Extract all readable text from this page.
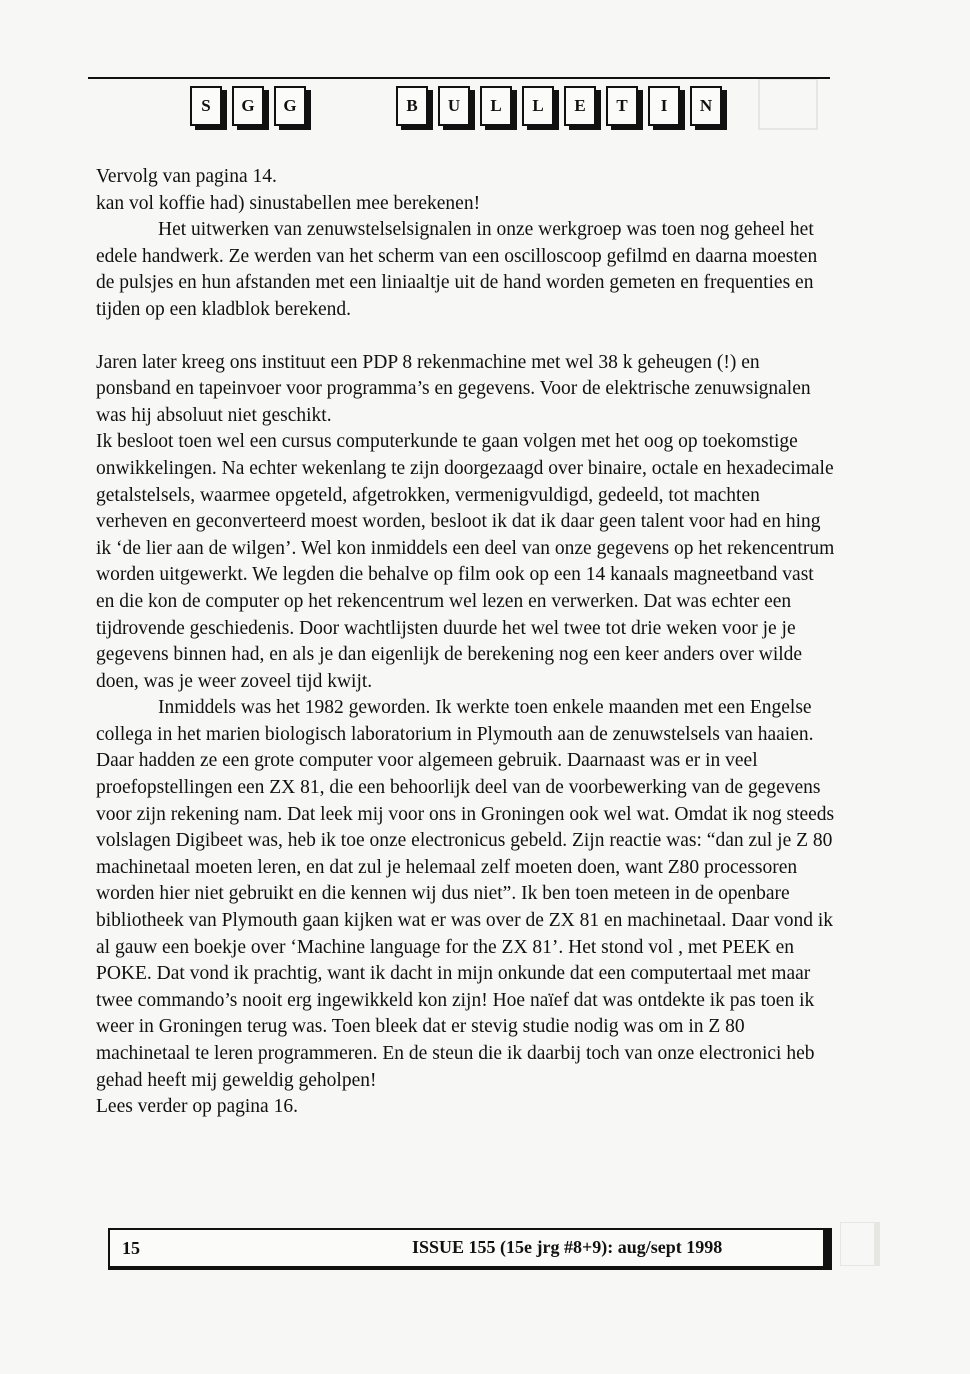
S	G	G	B	U	L	L	E	T	I	N

Vervolg van pagina 14.

kan vol koffie had) sinustabellen mee berekenen!

Het uitwerken van zenuwstelselsignalen in onze werkgroep was toen nog geheel het edele handwerk. Ze werden van het scherm van een oscilloscoop gefilmd en daarna moesten de pulsjes en hun afstanden met een liniaaltje uit de hand worden gemeten en frequenties en tijden op een kladblok berekend.

Jaren later kreeg ons instituut een PDP 8 rekenmachine met wel 38 k geheugen (!) en ponsband en tapeinvoer voor programma’s en gegevens. Voor de elektrische zenuwsignalen was hij absoluut niet geschikt.

Ik besloot toen wel een cursus computerkunde te gaan volgen met het oog op toekomstige onwikkelingen. Na echter wekenlang te zijn doorgezaagd over binaire, octale en hexadecimale getalstelsels, waarmee opgeteld, afgetrokken, vermenigvuldigd, gedeeld, tot machten verheven en geconverteerd moest worden, besloot ik dat ik daar geen talent voor had en hing ik ‘de lier aan de wilgen’. Wel kon inmiddels een deel van onze gegevens op het rekencentrum worden uitgewerkt. We legden die behalve op film ook op een 14 kanaals magneetband vast en die kon de computer op het rekencentrum wel lezen en verwerken. Dat was echter een tijdrovende geschiedenis. Door wachtlijsten duurde het wel twee tot drie weken voor je je gegevens binnen had, en als je dan eigenlijk de berekening nog een keer anders over wilde doen, was je weer zoveel tijd kwijt.

Inmiddels was het 1982 geworden. Ik werkte toen enkele maanden met een Engelse collega in het marien biologisch laboratorium in Plymouth aan de zenuwstelsels van haaien. Daar hadden ze een grote computer voor algemeen gebruik. Daarnaast was er in veel proefopstellingen een ZX 81, die een behoorlijk deel van de voorbewerking van de gegevens voor zijn rekening nam. Dat leek mij voor ons in Groningen ook wel wat. Omdat ik nog steeds volslagen Digibeet was, heb ik toe onze electronicus gebeld. Zijn reactie was: “dan zul je Z 80 machinetaal moeten leren, en dat zul je helemaal zelf moeten doen, want Z80 processoren worden hier niet gebruikt en die kennen wij dus niet”. Ik ben toen meteen in de openbare bibliotheek van Plymouth gaan kijken wat er was over de ZX 81 en machinetaal. Daar vond ik al gauw een boekje over ‘Machine language for the ZX 81’. Het stond vol , met PEEK en POKE. Dat vond ik prachtig, want ik dacht in mijn onkunde dat een computertaal met maar twee commando’s nooit erg ingewikkeld kon zijn! Hoe naïef dat was ontdekte ik pas toen ik weer in Groningen terug was. Toen bleek dat er stevig studie nodig was om in Z 80 machinetaal te leren programmeren. En de steun die ik daarbij toch van onze electronici heb gehad heeft mij geweldig geholpen!

Lees verder op pagina 16.

15	ISSUE 155 (15e jrg #8+9): aug/sept 1998
